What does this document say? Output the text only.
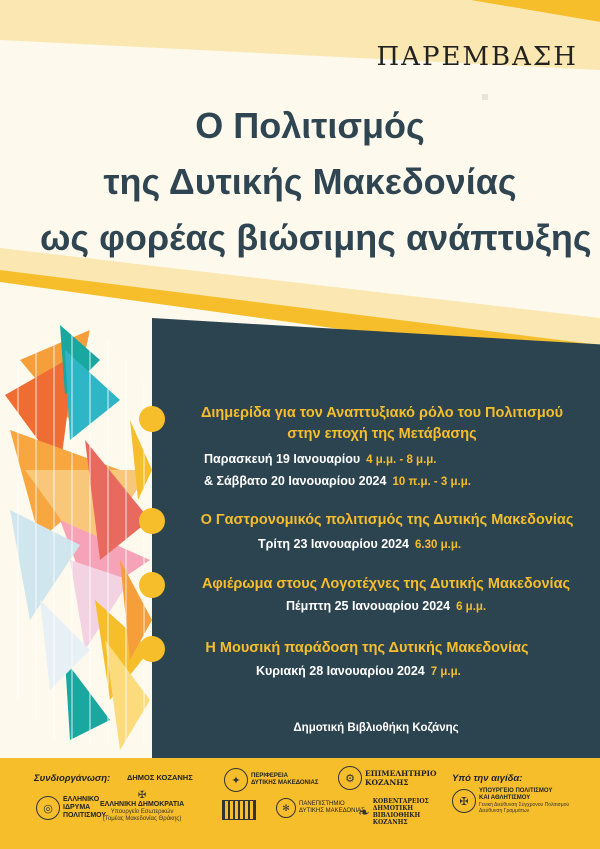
ΠΑΡΕΜΒΑΣΗ
Ο Πολιτισμός
της Δυτικής Μακεδονίας
ως φορέας βιώσιμης ανάπτυξης
Διημερίδα για τον Αναπτυξιακό ρόλο του Πολιτισμού
στην εποχή της Μετάβασης
Παρασκευή 19 Ιανουαρίου 4 μ.μ. - 8 μ.μ.
& Σάββατο 20 Ιανουαρίου 2024 10 π.μ. - 3 μ.μ.
Ο Γαστρονομικός πολιτισμός της Δυτικής Μακεδονίας
Τρίτη 23 Ιανουαρίου 2024 6.30 μ.μ.
Αφιέρωμα στους Λογοτέχνες της Δυτικής Μακεδονίας
Πέμπτη 25 Ιανουαρίου 2024 6 μ.μ.
Η Μουσική παράδοση της Δυτικής Μακεδονίας
Κυριακή 28 Ιανουαρίου 2024 7 μ.μ.
Δημοτική Βιβλιοθήκη Κοζάνης
Συνδιοργάνωση:	Υπό την αιγίδα:
◎
ΕΛΛΗΝΙΚΟ
ΙΔΡΥΜΑ
ΠΟΛΙΤΙΣΜΟΥ
ΔΗΜΟΣ ΚΟΖΑΝΗΣ
✠
ΕΛΛΗΝΙΚΗ ΔΗΜΟΚΡΑΤΙΑ
Υπουργείο Εσωτερικών
(Τομέας Μακεδονίας Θράκης)
✦	ΠΕΡΙΦΕΡΕΙΑ
ΔΥΤΙΚΗΣ ΜΑΚΕΔΟΝΙΑΣ
✻	ΠΑΝΕΠΙΣΤΗΜΙΟ
ΔΥΤΙΚΗΣ ΜΑΚΕΔΟΝΙΑΣ
⚙	ΕΠΙΜΕΛΗΤΗΡΙΟ
ΚΟΖΑΝΗΣ
❧
ΚΟΒΕΝΤΑΡΕΙΟΣ
ΔΗΜΟΤΙΚΗ
ΒΙΒΛΙΟΘΗΚΗ
ΚΟΖΑΝΗΣ
✠
ΥΠΟΥΡΓΕΙΟ ΠΟΛΙΤΙΣΜΟΥ
ΚΑΙ ΑΘΛΗΤΙΣΜΟΥ
Γενική Διεύθυνση Σύγχρονου Πολιτισμού
Διεύθυνση Γραμμάτων
